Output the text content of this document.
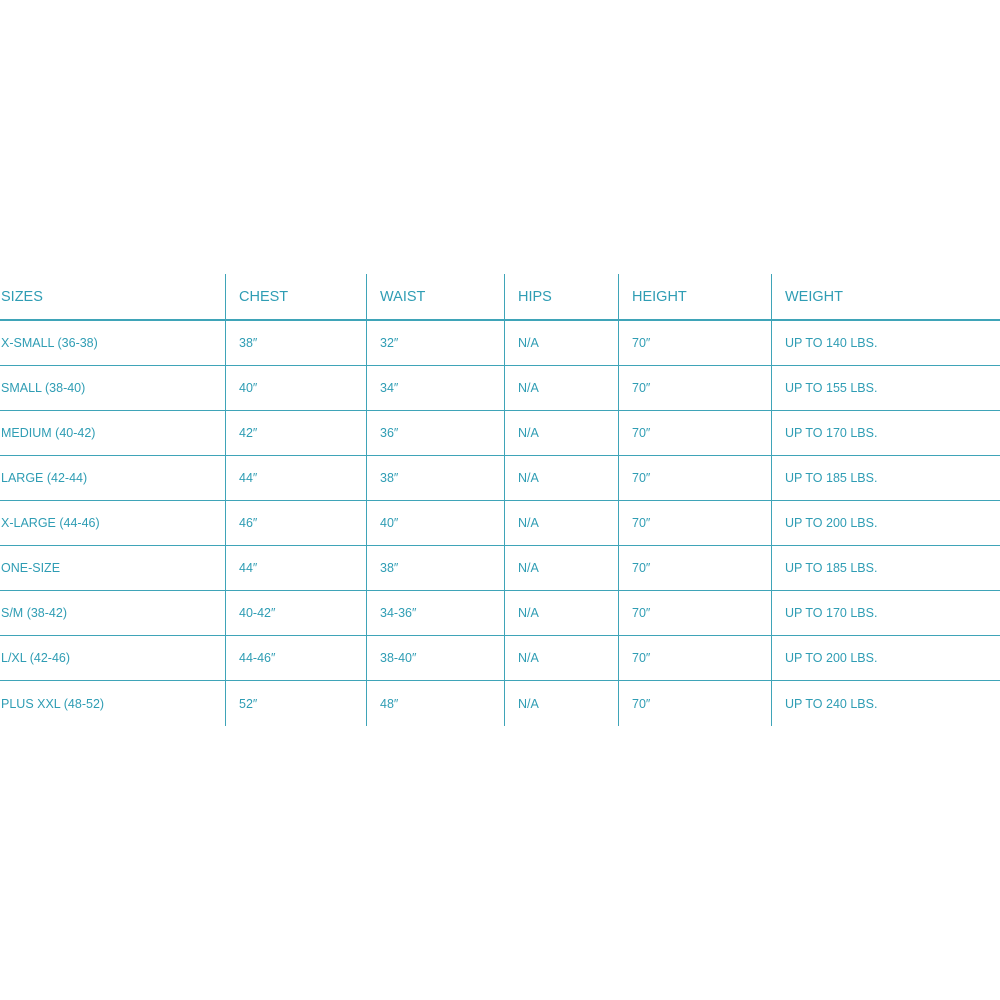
SIZES	CHEST	WAIST	HIPS	HEIGHT	WEIGHT
X-SMALL (36-38)	38″	32″	N/A	70″	UP TO 140 LBS.
SMALL (38-40)	40″	34″	N/A	70″	UP TO 155 LBS.
MEDIUM (40-42)	42″	36″	N/A	70″	UP TO 170 LBS.
LARGE (42-44)	44″	38″	N/A	70″	UP TO 185 LBS.
X-LARGE (44-46)	46″	40″	N/A	70″	UP TO 200 LBS.
ONE-SIZE	44″	38″	N/A	70″	UP TO 185 LBS.
S/M (38-42)	40-42″	34-36″	N/A	70″	UP TO 170 LBS.
L/XL (42-46)	44-46″	38-40″	N/A	70″	UP TO 200 LBS.
PLUS XXL (48-52)	52″	48″	N/A	70″	UP TO 240 LBS.
